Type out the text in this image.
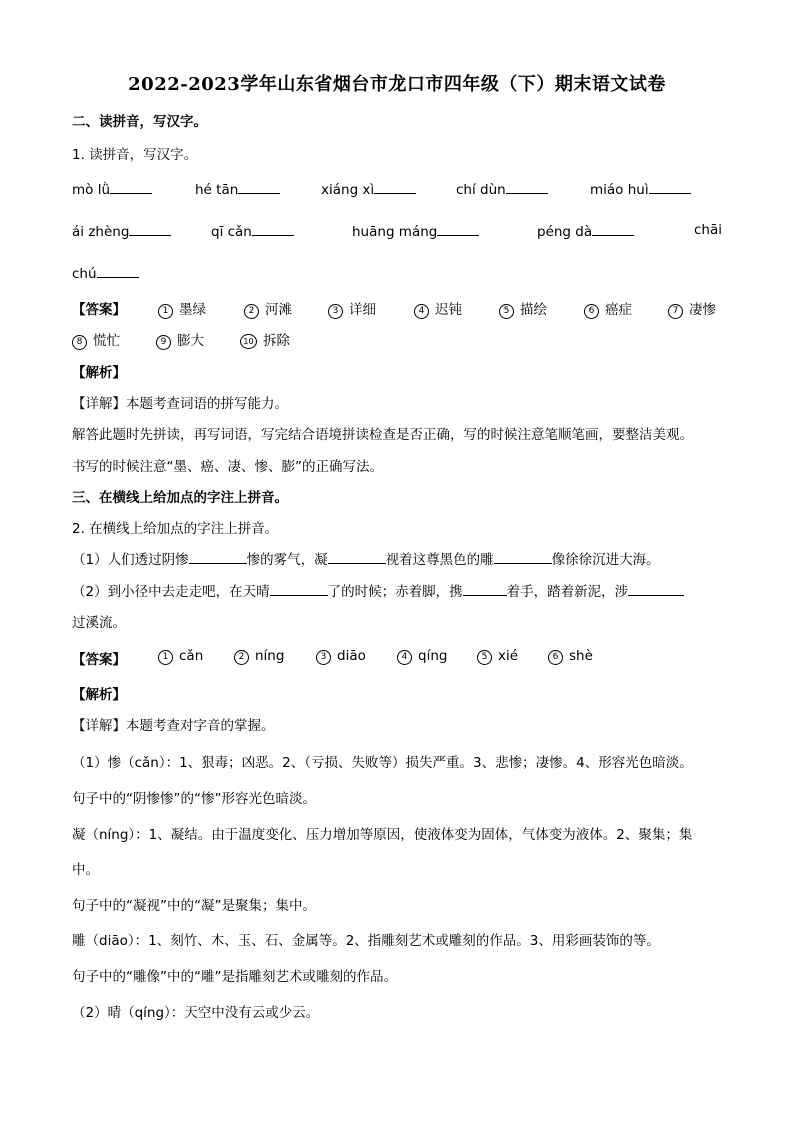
2022-2023学年山东省烟台市龙口市四年级（下）期末语文试卷
二、读拼音，写汉字。
1. 读拼音，写汉字。
mò lǜ	hé tān	xiáng xì	chí dùn	miáo huì
ái zhèng	qī cǎn	huāng máng	péng dà	chāi
chú
【答案】	1 墨绿	2 河滩	3 详细	4 迟钝	5 描绘	6 癌症	7 凄惨
8 慌忙	9 膨大	10 拆除
【解析】
【详解】本题考查词语的拼写能力。
解答此题时先拼读，再写词语，写完结合语境拼读检查是否正确，写的时候注意笔顺笔画，要整洁美观。
书写的时候注意“墨、癌、凄、惨、膨”的正确写法。
三、在横线上给加点的字注上拼音。
2. 在横线上给加点的字注上拼音。
（1）人们透过阴惨	惨的雾气，凝	视着这尊黑色的雕	像徐徐沉进大海。
（2）到小径中去走走吧，在天晴	了的时候；赤着脚，携	着手，踏着新泥，涉
过溪流。
【答案】	1 cǎn	2 níng	3 diāo	4 qíng	5 xié	6 shè
【解析】
【详解】本题考查对字音的掌握。
（1）惨（cǎn）：1、狠毒；凶恶。2、（亏损、失败等）损失严重。3、悲惨；凄惨。4、形容光色暗淡。
句子中的“阴惨惨”的“惨”形容光色暗淡。
凝（níng）：1、凝结。由于温度变化、压力增加等原因，使液体变为固体，气体变为液体。2、聚集；集
中。
句子中的“凝视”中的“凝”是聚集；集中。
雕（diāo）：1、刻竹、木、玉、石、金属等。2、指雕刻艺术或雕刻的作品。3、用彩画装饰的等。
句子中的“雕像”中的“雕”是指雕刻艺术或雕刻的作品。
（2）晴（qíng）：天空中没有云或少云。
